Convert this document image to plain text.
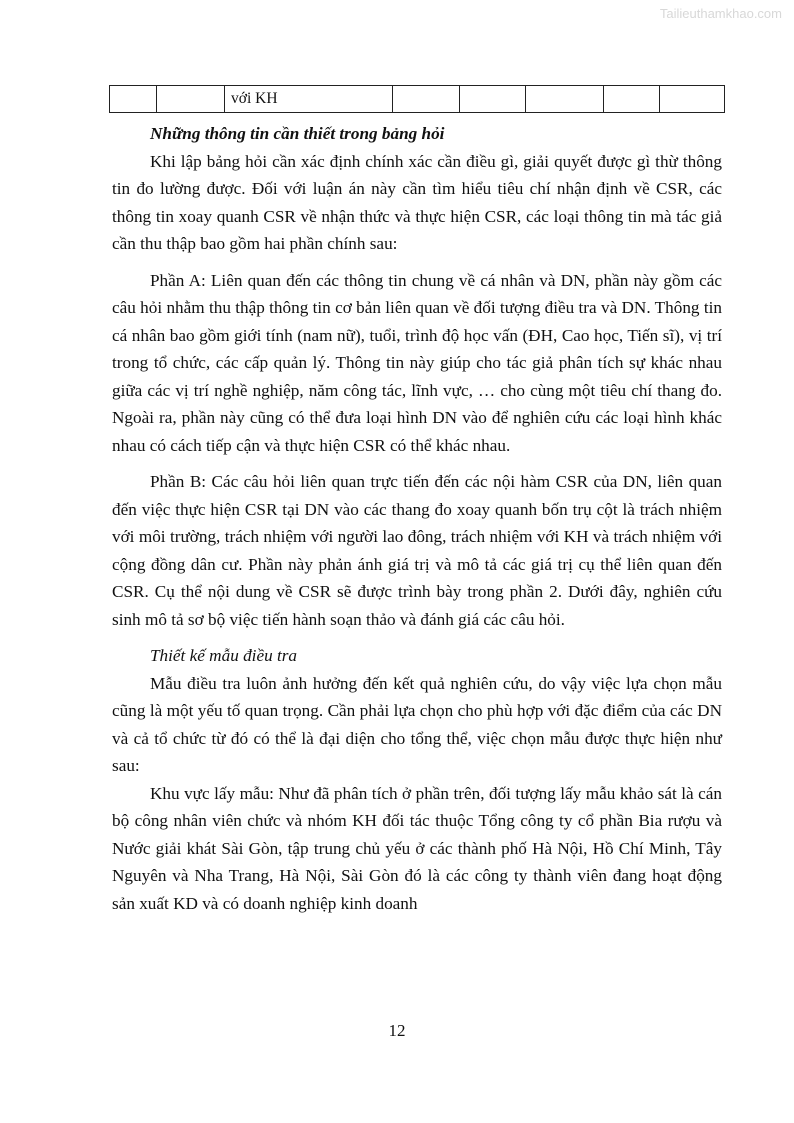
Tailieuthamkhao.com
		với KH					

Những thông tin cần thiết trong bảng hỏi

Khi lập bảng hỏi cần xác định chính xác cần điều gì, giải quyết được gì thừ thông tin đo lường được. Đối với luận án này cần tìm hiểu tiêu chí nhận định về CSR, các thông tin xoay quanh CSR về nhận thức và thực hiện CSR, các loại thông tin mà tác giả cần thu thập bao gồm hai phần chính sau:

Phần A: Liên quan đến các thông tin chung về cá nhân và DN, phần này gồm các câu hỏi nhằm thu thập thông tin cơ bản liên quan về đối tượng điều tra và DN. Thông tin cá nhân bao gồm giới tính (nam nữ), tuổi, trình độ học vấn (ĐH, Cao học, Tiến sĩ), vị trí trong tổ chức, các cấp quản lý. Thông tin này giúp cho tác giả phân tích sự khác nhau giữa các vị trí nghề nghiệp, năm công tác, lĩnh vực, … cho cùng một tiêu chí thang đo. Ngoài ra, phần này cũng có thể đưa loại hình DN vào để nghiên cứu các loại hình khác nhau có cách tiếp cận và thực hiện CSR có thể khác nhau.

Phần B: Các câu hỏi liên quan trực tiến đến các nội hàm CSR của DN, liên quan đến việc thực hiện CSR tại DN vào các thang đo xoay quanh bốn trụ cột là trách nhiệm với môi trường, trách nhiệm với người lao đông, trách nhiệm với KH và trách nhiệm với cộng đồng dân cư. Phần này phản ánh giá trị và mô tả các giá trị cụ thể liên quan đến CSR. Cụ thể nội dung về CSR sẽ được trình bày trong phần 2. Dưới đây, nghiên cứu sinh mô tả sơ bộ việc tiến hành soạn thảo và đánh giá các câu hỏi.

Thiết kế mẫu điều tra

Mẫu điều tra luôn ảnh hưởng đến kết quả nghiên cứu, do vậy việc lựa chọn mẫu cũng là một yếu tố quan trọng. Cần phải lựa chọn cho phù hợp với đặc điểm của các DN và cả tổ chức từ đó có thể là đại diện cho tổng thể, việc chọn mẫu được thực hiện như sau:

Khu vực lấy mẫu: Như đã phân tích ở phần trên, đối tượng lấy mẫu khảo sát là cán bộ công nhân viên chức và nhóm KH đối tác thuộc Tổng công ty cổ phần Bia rượu và Nước giải khát Sài Gòn, tập trung chủ yếu ở các thành phố Hà Nội, Hồ Chí Minh, Tây Nguyên và Nha Trang, Hà Nội, Sài Gòn đó là các công ty thành viên đang hoạt động sản xuất KD và có doanh nghiệp kinh doanh

12
